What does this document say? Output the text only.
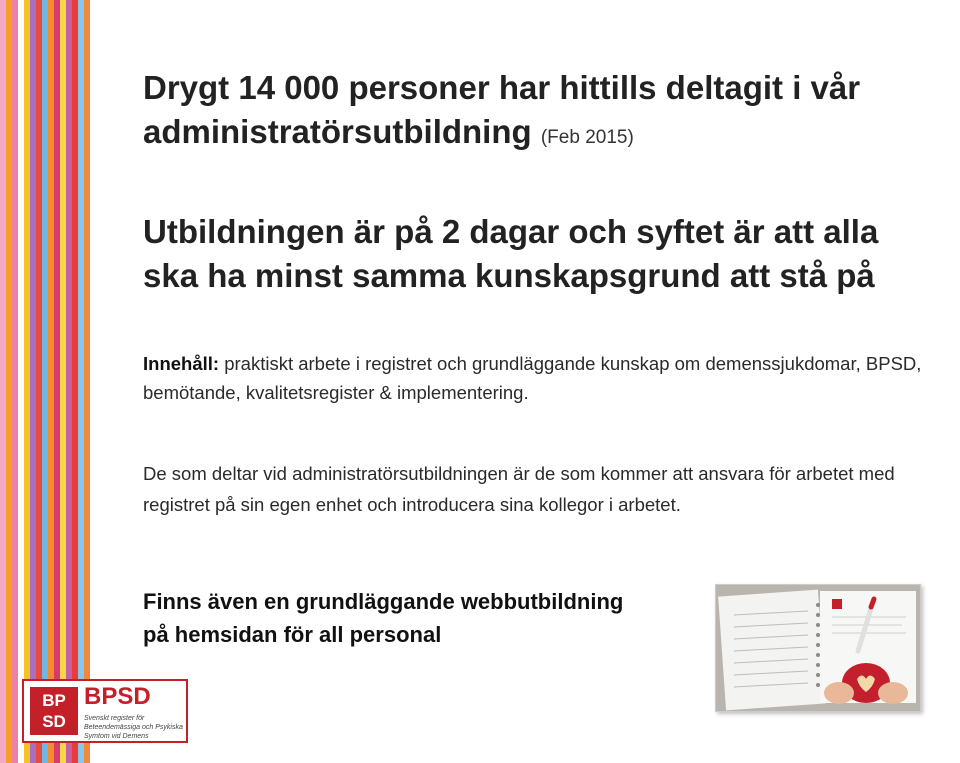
Drygt 14 000 personer har hittills deltagit i vår
administratörsutbildning (Feb 2015)
Utbildningen är på 2 dagar och syftet är att alla
ska ha minst samma kunskapsgrund att stå på
Innehåll: praktiskt arbete i registret och grundläggande kunskap om demenssjukdomar, BPSD, bemötande, kvalitetsregister & implementering.
De som deltar vid administratörsutbildningen är de som kommer att ansvara för arbetet med registret på sin egen enhet och introducera sina kollegor i arbetet.
Finns även en grundläggande webbutbildning
på hemsidan för all personal
BP
SD
BPSD
Svenskt register för Beteendemässiga och Psykiska Symtom vid Demens
